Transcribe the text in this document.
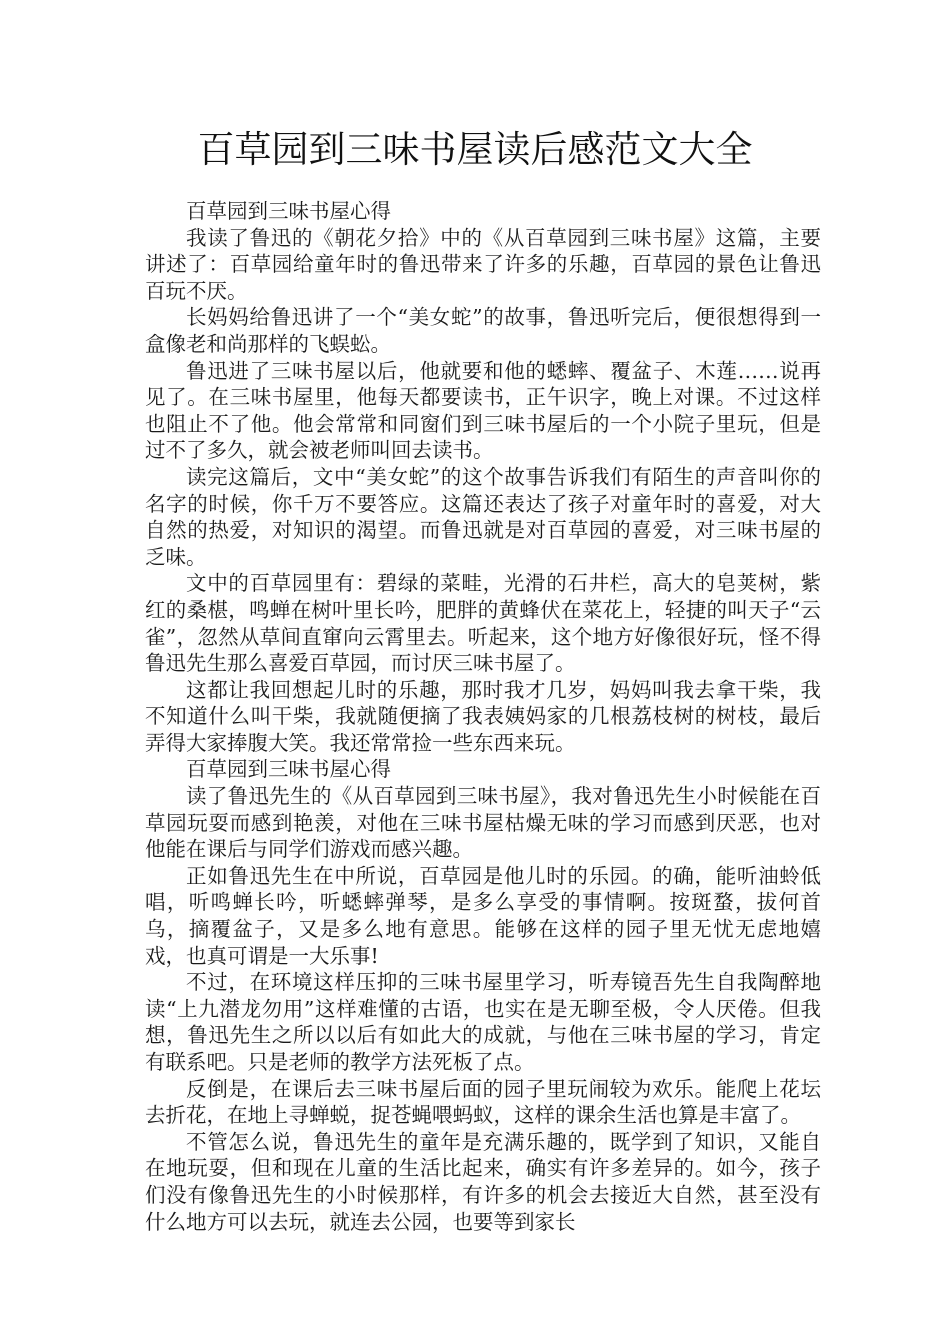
百草园到三味书屋读后感范文大全

百草园到三味书屋心得

我读了鲁迅的《朝花夕拾》中的《从百草园到三味书屋》这篇，主要讲述了：百草园给童年时的鲁迅带来了许多的乐趣，百草园的景色让鲁迅百玩不厌。

长妈妈给鲁迅讲了一个“美女蛇”的故事，鲁迅听完后，便很想得到一盒像老和尚那样的飞蜈蚣。

鲁迅进了三味书屋以后，他就要和他的蟋蟀、覆盆子、木莲……说再见了。在三味书屋里，他每天都要读书，正午识字，晚上对课。不过这样也阻止不了他。他会常常和同窗们到三味书屋后的一个小院子里玩，但是过不了多久，就会被老师叫回去读书。

读完这篇后，文中“美女蛇”的这个故事告诉我们有陌生的声音叫你的名字的时候，你千万不要答应。这篇还表达了孩子对童年时的喜爱，对大自然的热爱，对知识的渴望。而鲁迅就是对百草园的喜爱，对三味书屋的乏味。

文中的百草园里有：碧绿的菜畦，光滑的石井栏，高大的皂荚树，紫红的桑椹，鸣蝉在树叶里长吟，肥胖的黄蜂伏在菜花上，轻捷的叫天子“云雀”，忽然从草间直窜向云霄里去。听起来，这个地方好像很好玩，怪不得鲁迅先生那么喜爱百草园，而讨厌三味书屋了。

这都让我回想起儿时的乐趣，那时我才几岁，妈妈叫我去拿干柴，我不知道什么叫干柴，我就随便摘了我表姨妈家的几根荔枝树的树枝，最后弄得大家捧腹大笑。我还常常捡一些东西来玩。

百草园到三味书屋心得

读了鲁迅先生的《从百草园到三味书屋》，我对鲁迅先生小时候能在百草园玩耍而感到艳羡，对他在三味书屋枯燥无味的学习而感到厌恶，也对他能在课后与同学们游戏而感兴趣。

正如鲁迅先生在中所说，百草园是他儿时的乐园。的确，能听油蛉低唱，听鸣蝉长吟，听蟋蟀弹琴，是多么享受的事情啊。按斑蝥，拔何首乌，摘覆盆子，又是多么地有意思。能够在这样的园子里无忧无虑地嬉戏，也真可谓是一大乐事!

不过，在环境这样压抑的三味书屋里学习，听寿镜吾先生自我陶醉地读“上九潜龙勿用”这样难懂的古语，也实在是无聊至极，令人厌倦。但我想，鲁迅先生之所以以后有如此大的成就，与他在三味书屋的学习，肯定有联系吧。只是老师的教学方法死板了点。

反倒是，在课后去三味书屋后面的园子里玩闹较为欢乐。能爬上花坛去折花，在地上寻蝉蜕，捉苍蝇喂蚂蚁，这样的课余生活也算是丰富了。

不管怎么说，鲁迅先生的童年是充满乐趣的，既学到了知识，又能自在地玩耍，但和现在儿童的生活比起来，确实有许多差异的。如今，孩子们没有像鲁迅先生的小时候那样，有许多的机会去接近大自然，甚至没有什么地方可以去玩，就连去公园，也要等到家长
